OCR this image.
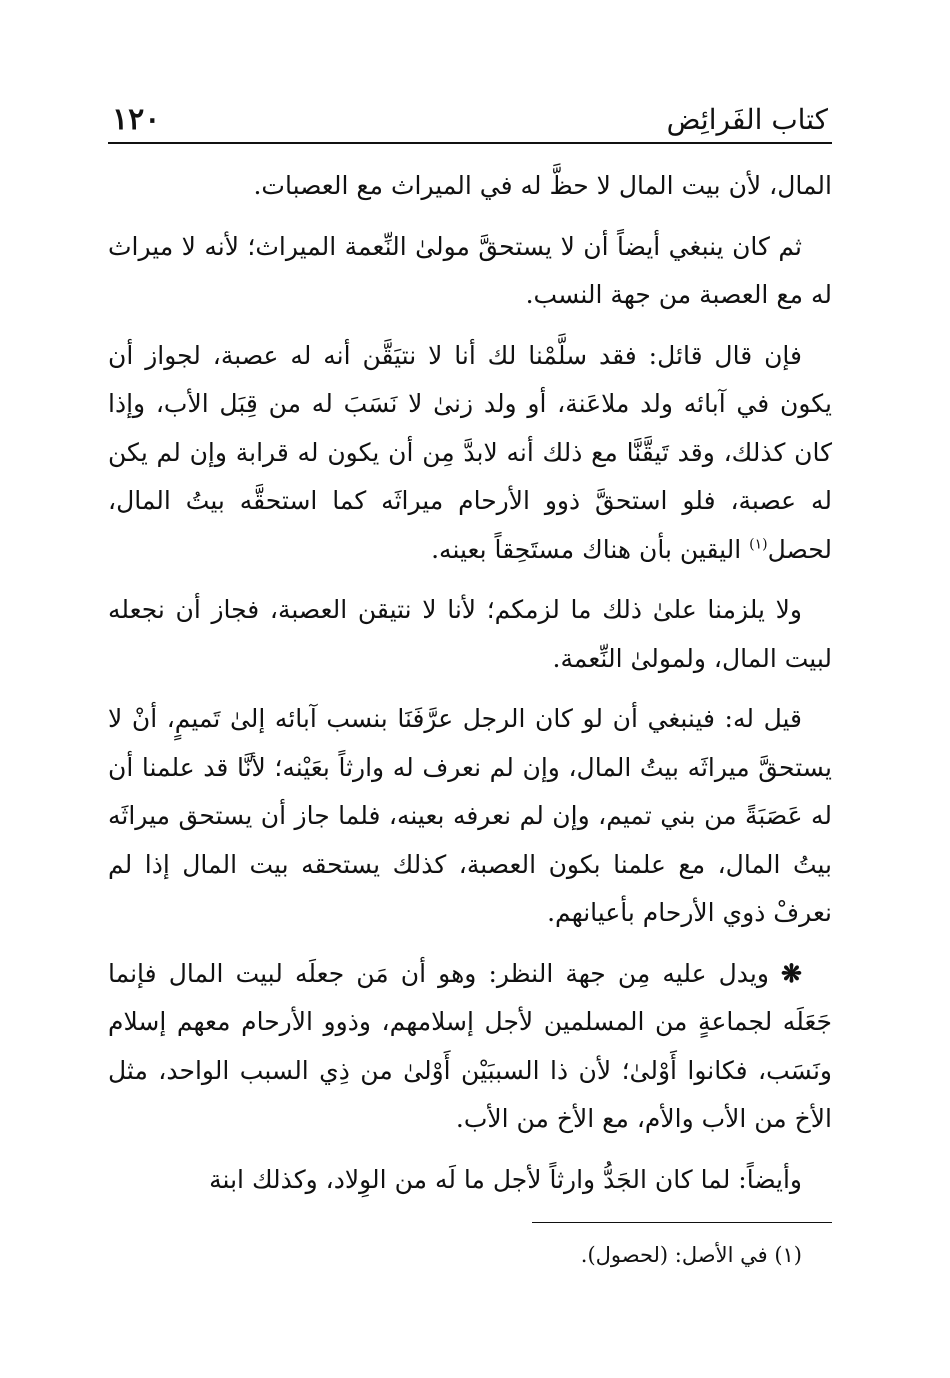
كتاب الفَرائِض
١٢٠

المال، لأن بيت المال لا حظَّ له في الميراث مع العصبات.

ثم كان ينبغي أيضاً أن لا يستحقَّ مولىٰ النِّعمة الميراث؛ لأنه لا ميراث له مع العصبة من جهة النسب.

فإن قال قائل: فقد سلَّمْنا لك أنا لا نتيَقَّن أنه له عصبة، لجواز أن يكون في آبائه ولد ملاعَنة، أو ولد زنىٰ لا نَسَبَ له من قِبَل الأب، وإذا كان كذلك، وقد تَيقَّنَّا مع ذلك أنه لابدَّ مِن أن يكون له قرابة وإن لم يكن له عصبة، فلو استحقَّ ذوو الأرحام ميراثَه كما استحقَّه بيتُ المال، لحصل$^{(١)}$ اليقين بأن هناك مستَحِقاً بعينه.

ولا يلزمنا علىٰ ذلك ما لزمكم؛ لأنا لا نتيقن العصبة، فجاز أن نجعله لبيت المال، ولمولىٰ النِّعمة.

قيل له: فينبغي أن لو كان الرجل عرَّفَنَا بنسب آبائه إلىٰ تَميمٍ، أنْ لا يستحقَّ ميراثَه بيتُ المال، وإن لم نعرف له وارثاً بعَيْنه؛ لأنَّا قد علمنا أن له عَصَبَةً من بني تميم، وإن لم نعرفه بعينه، فلما جاز أن يستحق ميراثَه بيتُ المال، مع علمنا بكون العصبة، كذلك يستحقه بيت المال إذا لم نعرفْ ذوي الأرحام بأعيانهم.

❋ ويدل عليه مِن جهة النظر: وهو أن مَن جعلَه لبيت المال فإنما جَعَلَه لجماعةٍ من المسلمين لأجل إسلامهم، وذوو الأرحام معهم إسلام ونَسَب، فكانوا أَوْلىٰ؛ لأن ذا السببَيْن أَوْلىٰ من ذِي السبب الواحد، مثل الأخ من الأب والأم، مع الأخ من الأب.

وأيضاً: لما كان الجَدُّ وارثاً لأجل ما لَه من الوِلاد، وكذلك ابنة

(١) في الأصل: (لحصول).
